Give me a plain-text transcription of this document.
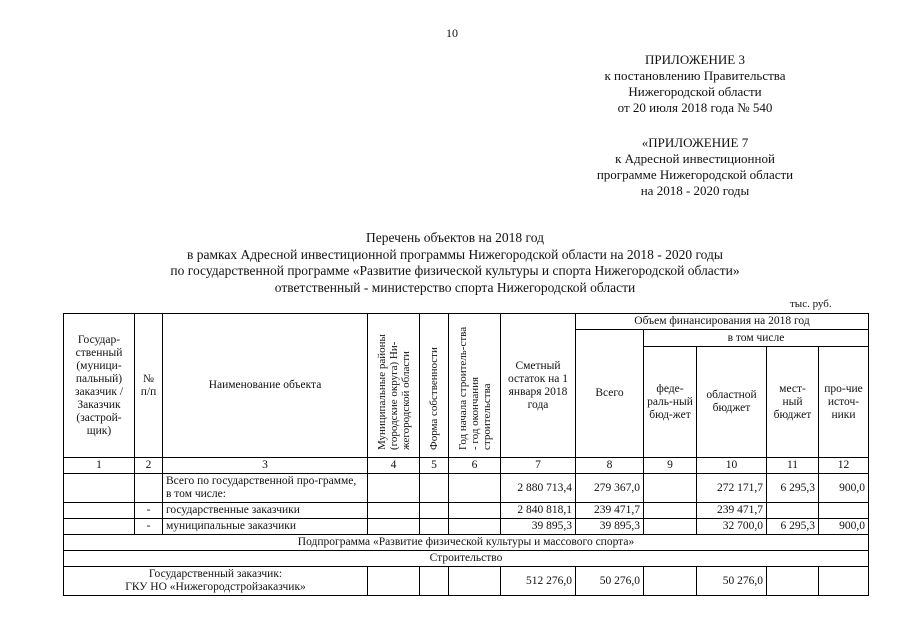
10
ПРИЛОЖЕНИЕ 3
к постановлению Правительства
Нижегородской области
от 20 июля 2018 года № 540
«ПРИЛОЖЕНИЕ 7
к Адресной инвестиционной
программе Нижегородской области
на 2018 - 2020 годы
Перечень объектов на 2018 год
в рамках Адресной инвестиционной программы Нижегородской области на 2018 - 2020 годы
по государственной программе «Развитие физической культуры и спорта Нижегородской области»
ответственный - министерство спорта Нижегородской области
тыс. руб.
Государ-ственный (муници-пальный) заказчик / Заказчик (застрой-щик)	№ п/п	Наименование объекта	Муниципальные районы (городские округа) Ни-жегородской области	Форма собственности	Год начала строитель-ства - год окончания строительства	Сметный остаток на 1 января 2018 года	Объем финансирования на 2018 год				
							Всего	в том числе			
								феде-раль-ный бюд-жет	областной бюджет	мест-ный бюджет	про-чие источ-ники
1	2	3	4	5	6	7	8	9	10	11	12
		Всего по государственной про-грамме, в том числе:				2 880 713,4	279 367,0		272 171,7	6 295,3	900,0
	-	государственные заказчики				2 840 818,1	239 471,7		239 471,7		
	-	муниципальные заказчики				39 895,3	39 895,3		32 700,0	6 295,3	900,0
Подпрограмма «Развитие физической культуры и массового спорта»											
Строительство											

Государственный заказчик:
ГКУ НО «Нижегородстройзаказчик»						512 276,0	50 276,0		50 276,0		
